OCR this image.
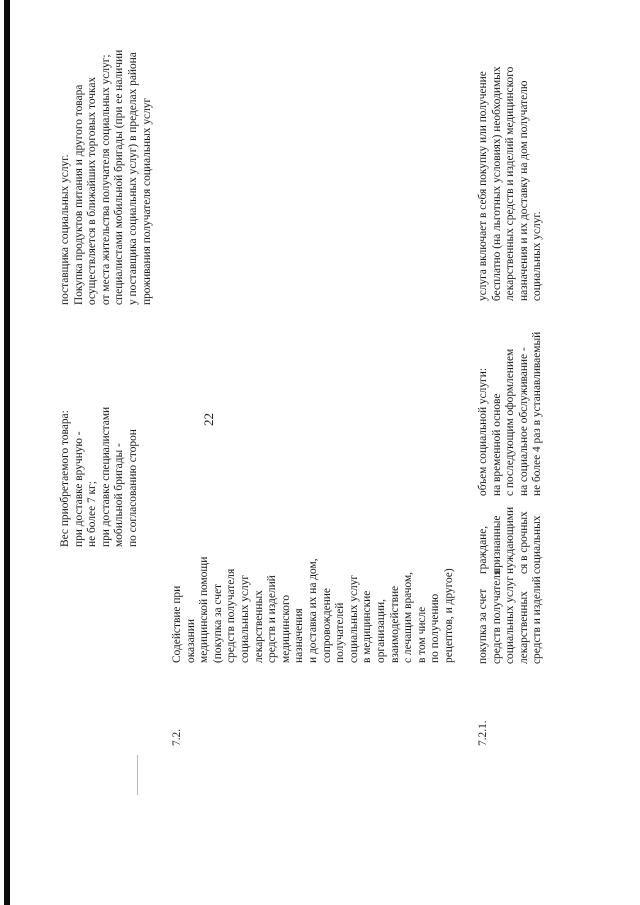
22
Вес приобретаемого товара: при доставке вручную - не более 7 кг; при доставке специалистами мобильной бригады - по согласованию сторон
поставщика социальных услуг. Покупка продуктов питания и другого товара осуществляется в ближайших торговых точках от места жительства получателя социальных услуг; специалистами мобильной бригады (при ее наличии у поставщика социальных услуг) в пределах района проживания получателя социальных услуг
7.2.
Содействие при оказании медицинской помощи (покупка за счет средств получателя социальных услуг лекарственных средств и изделий медицинского назначения и доставка их на дом, сопровождение получателей социальных услуг в медицинские организации, взаимодействие с лечащим врачом, в том числе по получению рецептов, и другое)
7.2.1.
покупка за счет средств получателя социальных услуг лекарственных средств и изделий
граждане, признанные нуждающими ся в срочных социальных
объем социальной услуги: на временной основе с последующим оформлением на социальное обслуживание - не более 4 раз в устанавливаемый
услуга включает в себя покупку или получение бесплатно (на льготных условиях) необходимых лекарственных средств и изделий медицинского назначения и их доставку на дом получателю социальных услуг.
